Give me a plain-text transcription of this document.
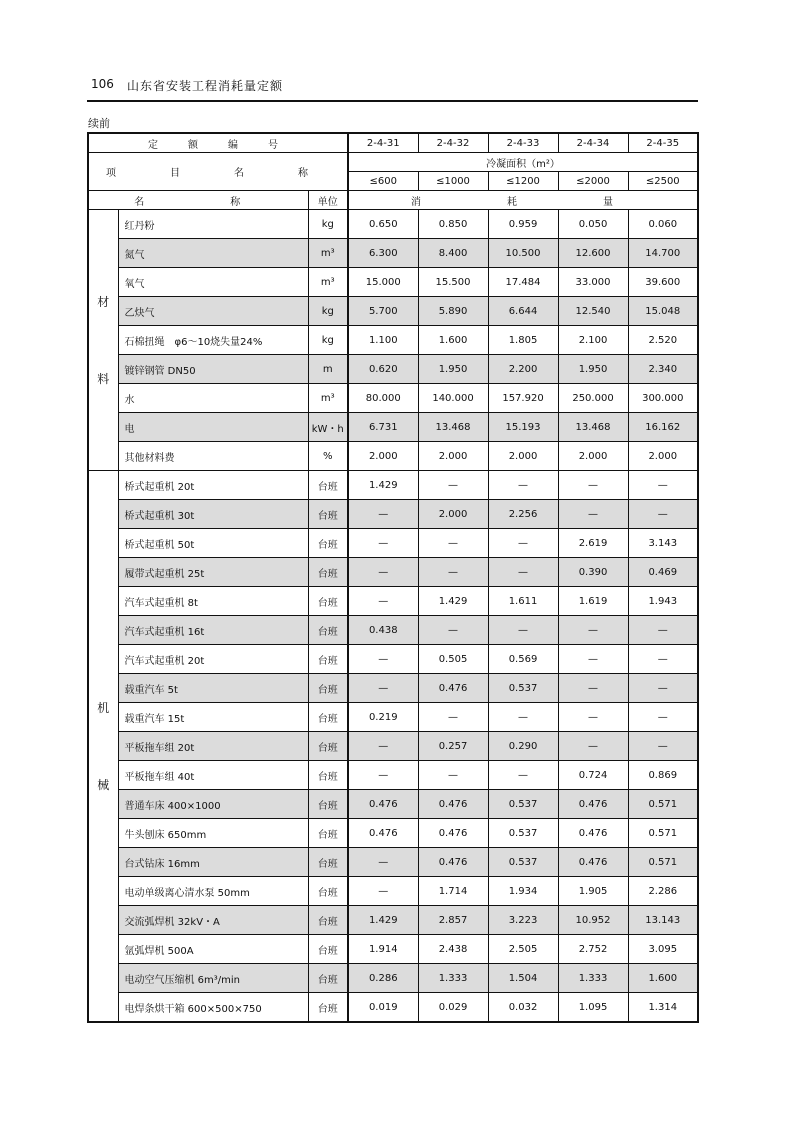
106 山东省安装工程消耗量定额
续前
定　额　编　号			2-4-31	2-4-32	2-4-33	2-4-34	2-4-35
项　目　名　称			冷凝面积（m²）				
			≤600	≤1000	≤1200	≤2000	≤2500
名　　称		单位	消　　耗　　量				

材
料	红丹粉	kg	0.650	0.850	0.959	0.050	0.060
	氮气	m³	6.300	8.400	10.500	12.600	14.700
	氧气	m³	15.000	15.500	17.484	33.000	39.600
	乙炔气	kg	5.700	5.890	6.644	12.540	15.048
	石棉扭绳　φ6～10烧失量24%	kg	1.100	1.600	1.805	2.100	2.520
	镀锌钢管 DN50	m	0.620	1.950	2.200	1.950	2.340
	水	m³	80.000	140.000	157.920	250.000	300.000
	电	kW・h	6.731	13.468	15.193	13.468	16.162
	其他材料费	%	2.000	2.000	2.000	2.000	2.000

机
械	桥式起重机 20t	台班	1.429	—	—	—	—
	桥式起重机 30t	台班	—	2.000	2.256	—	—
	桥式起重机 50t	台班	—	—	—	2.619	3.143
	履带式起重机 25t	台班	—	—	—	0.390	0.469
	汽车式起重机 8t	台班	—	1.429	1.611	1.619	1.943
	汽车式起重机 16t	台班	0.438	—	—	—	—
	汽车式起重机 20t	台班	—	0.505	0.569	—	—
	载重汽车 5t	台班	—	0.476	0.537	—	—
	载重汽车 15t	台班	0.219	—	—	—	—
	平板拖车组 20t	台班	—	0.257	0.290	—	—
	平板拖车组 40t	台班	—	—	—	0.724	0.869
	普通车床 400×1000	台班	0.476	0.476	0.537	0.476	0.571
	牛头刨床 650mm	台班	0.476	0.476	0.537	0.476	0.571
	台式钻床 16mm	台班	—	0.476	0.537	0.476	0.571
	电动单级离心清水泵 50mm	台班	—	1.714	1.934	1.905	2.286
	交流弧焊机 32kV・A	台班	1.429	2.857	3.223	10.952	13.143
	氩弧焊机 500A	台班	1.914	2.438	2.505	2.752	3.095
	电动空气压缩机 6m³/min	台班	0.286	1.333	1.504	1.333	1.600
	电焊条烘干箱 600×500×750	台班	0.019	0.029	0.032	1.095	1.314
